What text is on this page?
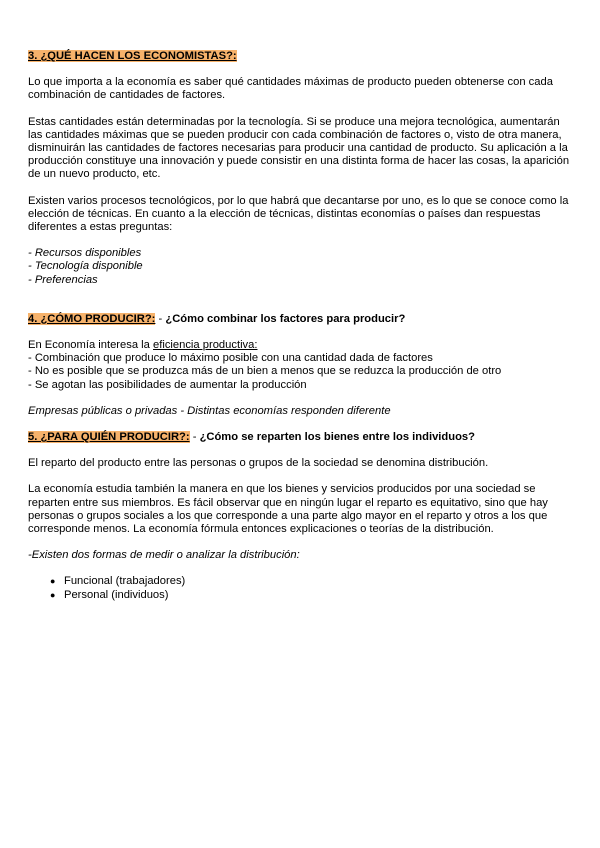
3. ¿QUÉ HACEN LOS ECONOMISTAS?:

Lo que importa a la economía es saber qué cantidades máximas de producto pueden obtenerse con cada combinación de cantidades de factores.

Estas cantidades están determinadas por la tecnología. Si se produce una mejora tecnológica, aumentarán las cantidades máximas que se pueden producir con cada combinación de factores o, visto de otra manera, disminuirán las cantidades de factores necesarias para producir una cantidad de producto. Su aplicación a la producción constituye una innovación y puede consistir en una distinta forma de hacer las cosas, la aparición de un nuevo producto, etc.

Existen varios procesos tecnológicos, por lo que habrá que decantarse por uno, es lo que se conoce como la elección de técnicas. En cuanto a la elección de técnicas, distintas economías o países dan respuestas diferentes a estas preguntas:

- Recursos disponibles

- Tecnología disponible

- Preferencias

4. ¿CÓMO PRODUCIR?: - ¿Cómo combinar los factores para producir?

En Economía interesa la eficiencia productiva:

- Combinación que produce lo máximo posible con una cantidad dada de factores

- No es posible que se produzca más de un bien a menos que se reduzca la producción de otro

- Se agotan las posibilidades de aumentar la producción

Empresas públicas o privadas - Distintas economías responden diferente

5. ¿PARA QUIÉN PRODUCIR?: - ¿Cómo se reparten los bienes entre los individuos?

El reparto del producto entre las personas o grupos de la sociedad se denomina distribución.

La economía estudia también la manera en que los bienes y servicios producidos por una sociedad se reparten entre sus miembros. Es fácil observar que en ningún lugar el reparto es equitativo, sino que hay personas o grupos sociales a los que corresponde a una parte algo mayor en el reparto y otros a los que corresponde menos. La economía fórmula entonces explicaciones o teorías de la distribución.

-Existen dos formas de medir o analizar la distribución:

● Funcional (trabajadores)
● Personal (individuos)
